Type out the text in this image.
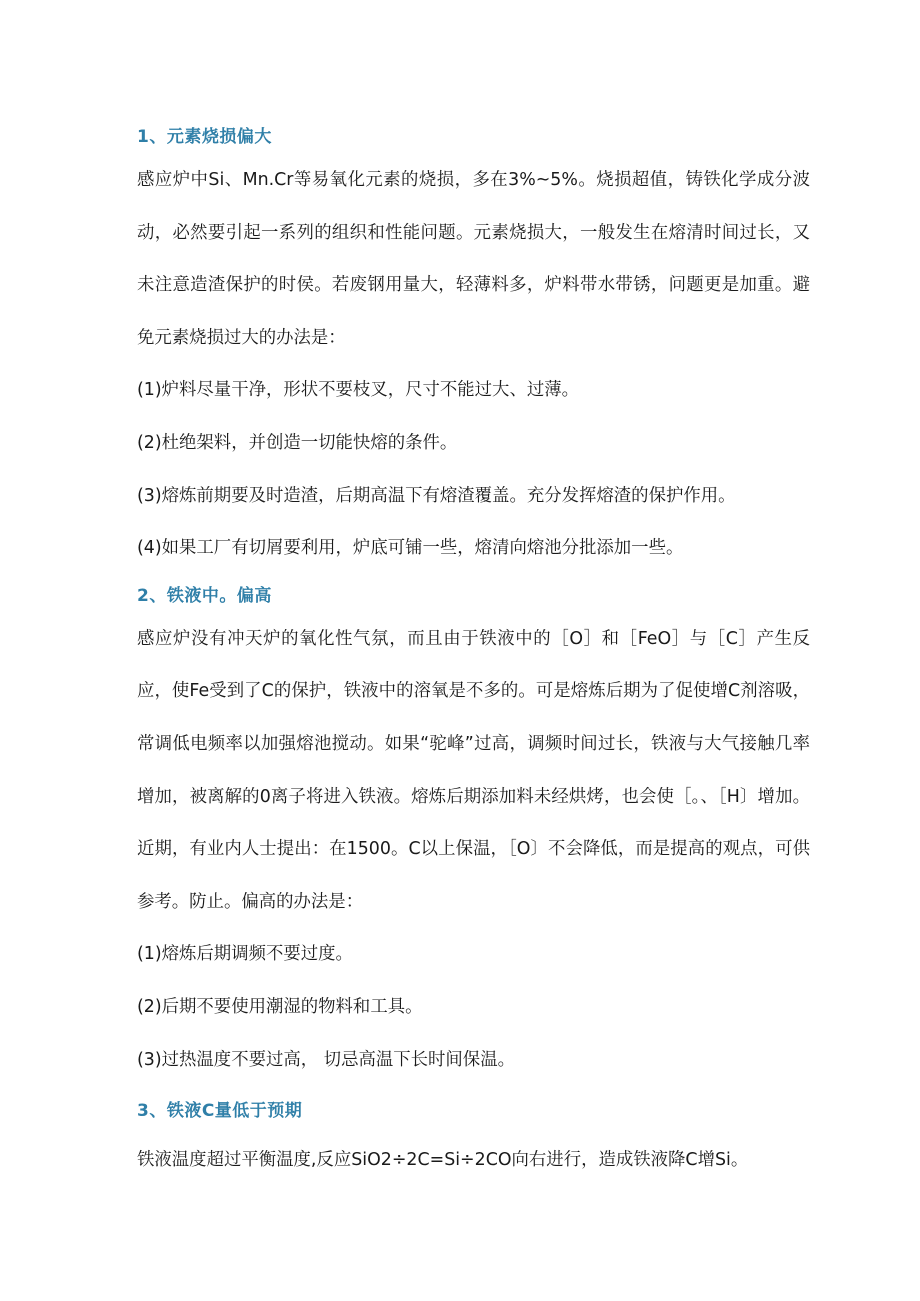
1、元素烧损偏大

感应炉中Si、Mn.Cr等易氧化元素的烧损，多在3%~5%。烧损超值，铸铁化学成分波动，必然要引起一系列的组织和性能问题。元素烧损大，一般发生在熔清时间过长，又未注意造渣保护的时侯。若废钢用量大，轻薄料多，炉料带水带锈，问题更是加重。避免元素烧损过大的办法是：

(1)炉料尽量干净，形状不要枝叉，尺寸不能过大、过薄。

(2)杜绝架料，并创造一切能快熔的条件。

(3)熔炼前期要及时造渣，后期高温下有熔渣覆盖。充分发挥熔渣的保护作用。

(4)如果工厂有切屑要利用，炉底可铺一些，熔清向熔池分批添加一些。

2、铁液中。偏高

感应炉没有冲天炉的氧化性气氛，而且由于铁液中的［O］和［FeO］与［C］产生反应，使Fe受到了C的保护，铁液中的溶氧是不多的。可是熔炼后期为了促使增C剂溶吸，常调低电频率以加强熔池搅动。如果“驼峰”过高，调频时间过长，铁液与大气接触几率增加，被离解的0离子将进入铁液。熔炼后期添加料未经烘烤，也会使［。、［H〕增加。近期，有业内人士提出：在1500。C以上保温，［O〕不会降低，而是提高的观点，可供参考。防止。偏高的办法是：

(1)熔炼后期调频不要过度。

(2)后期不要使用潮湿的物料和工具。

(3)过热温度不要过高， 切忌高温下长时间保温。

3、铁液C量低于预期

铁液温度超过平衡温度,反应SiO2÷2C=Si÷2CO向右进行，造成铁液降C增Si。
